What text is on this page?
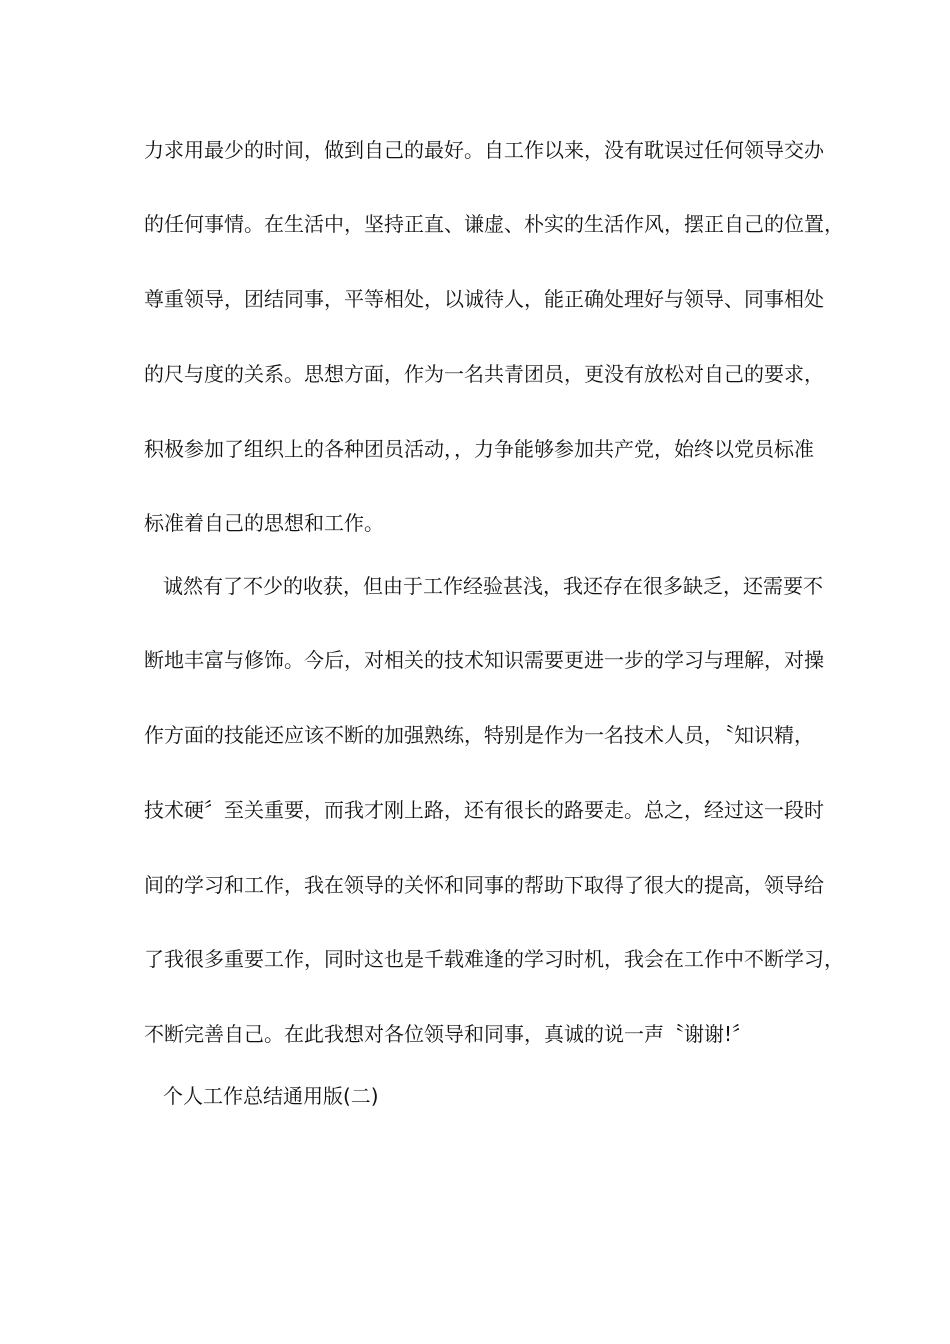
力求用最少的时间，做到自己的最好。自工作以来，没有耽误过任何领导交办
的任何事情。在生活中，坚持正直、谦虚、朴实的生活作风，摆正自己的位置，
尊重领导，团结同事，平等相处，以诚待人，能正确处理好与领导、同事相处
的尺与度的关系。思想方面，作为一名共青团员，更没有放松对自己的要求，
积极参加了组织上的各种团员活动，，力争能够参加共产党，始终以党员标准
标准着自己的思想和工作。
诚然有了不少的收获，但由于工作经验甚浅，我还存在很多缺乏，还需要不
断地丰富与修饰。今后，对相关的技术知识需要更进一步的学习与理解，对操
作方面的技能还应该不断的加强熟练，特别是作为一名技术人员，〝知识精，
技术硬〞至关重要，而我才刚上路，还有很长的路要走。总之，经过这一段时
间的学习和工作，我在领导的关怀和同事的帮助下取得了很大的提高，领导给
了我很多重要工作，同时这也是千载难逢的学习时机，我会在工作中不断学习，
不断完善自己。在此我想对各位领导和同事，真诚的说一声〝谢谢!〞
个人工作总结通用版(二)
